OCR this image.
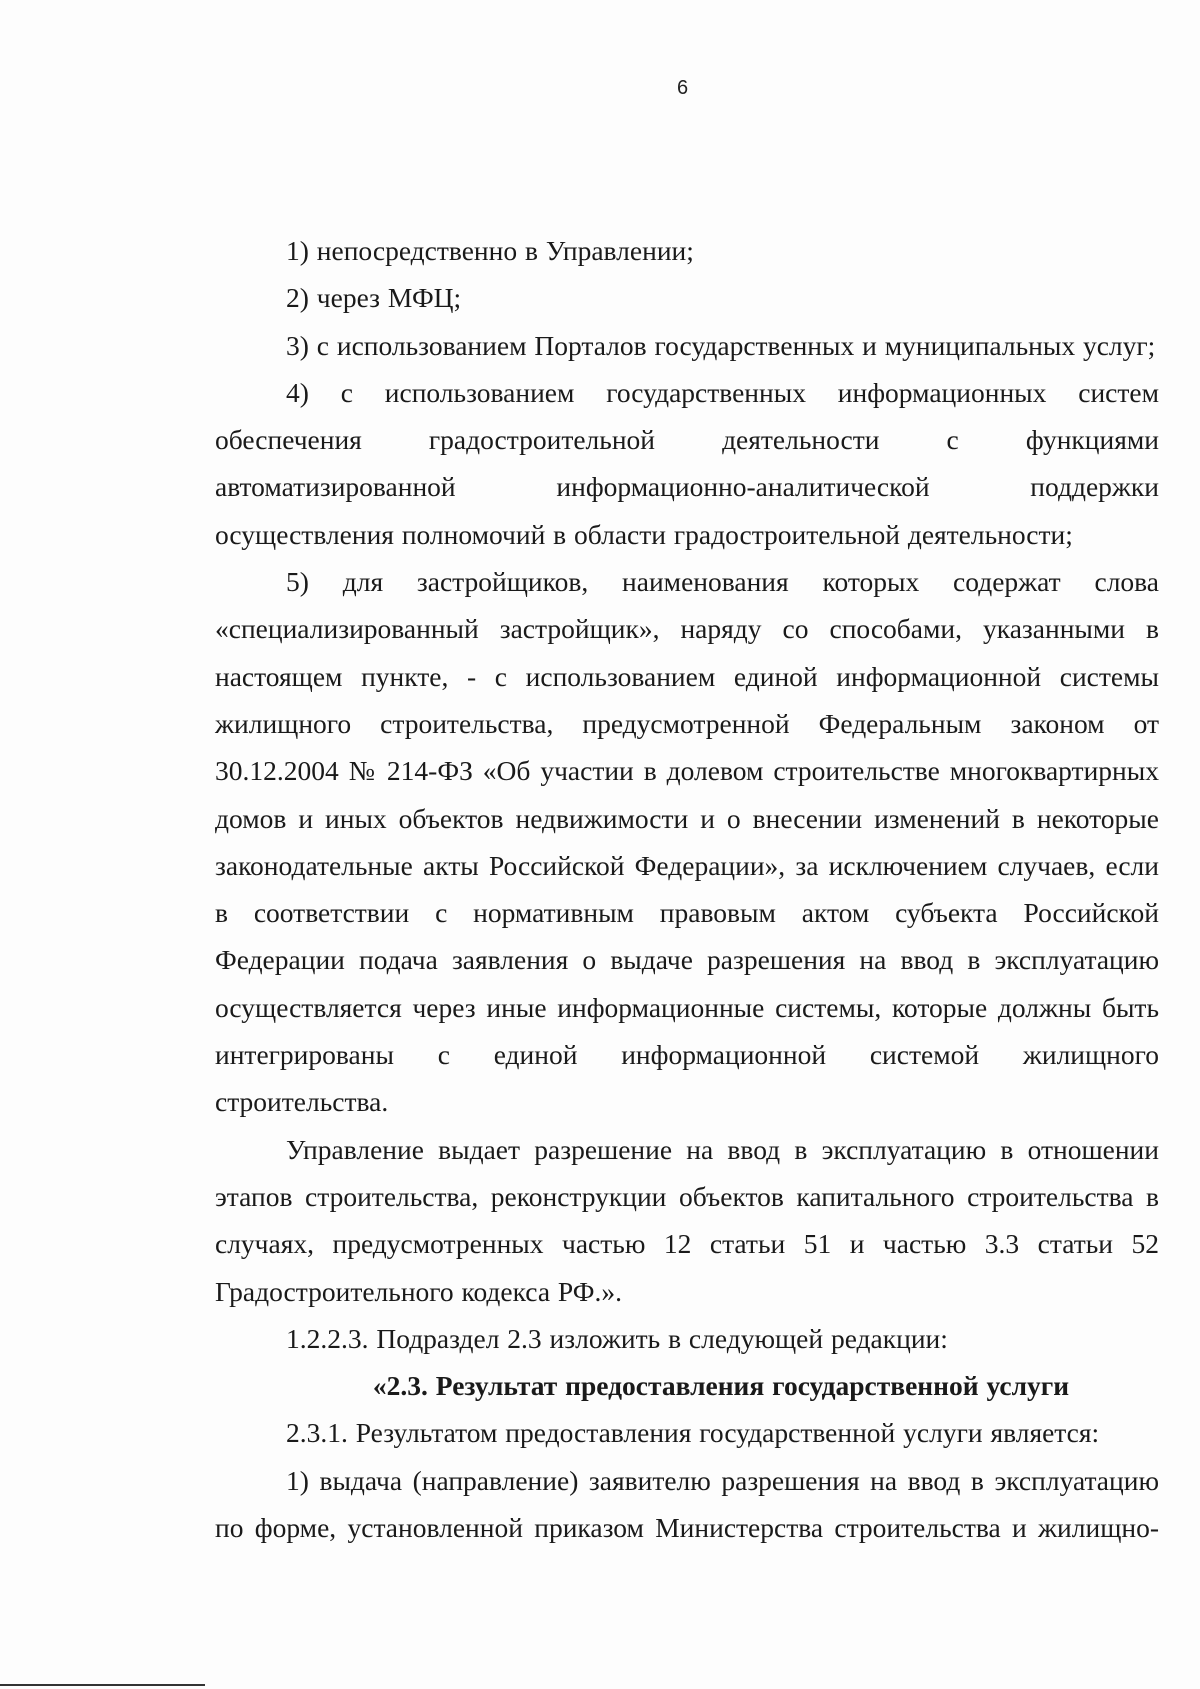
6

1) непосредственно в Управлении;

2) через МФЦ;

3) с использованием Порталов государственных и муниципальных услуг;

4) с использованием государственных информационных систем обеспечения градостроительной деятельности с функциями автоматизированной информационно-аналитической поддержки осуществления полномочий в области градостроительной деятельности;

5) для застройщиков, наименования которых содержат слова «специализированный застройщик», наряду со способами, указанными в настоящем пункте, - с использованием единой информационной системы жилищного строительства, предусмотренной Федеральным законом от 30.12.2004 № 214-ФЗ «Об участии в долевом строительстве многоквартирных домов и иных объектов недвижимости и о внесении изменений в некоторые законодательные акты Российской Федерации», за исключением случаев, если в соответствии с нормативным правовым актом субъекта Российской Федерации подача заявления о выдаче разрешения на ввод в эксплуатацию осуществляется через иные информационные системы, которые должны быть интегрированы с единой информационной системой жилищного строительства.

Управление выдает разрешение на ввод в эксплуатацию в отношении этапов строительства, реконструкции объектов капитального строительства в случаях, предусмотренных частью 12 статьи 51 и частью 3.3 статьи 52 Градостроительного кодекса РФ.».

1.2.2.3. Подраздел 2.3 изложить в следующей редакции:

«2.3. Результат предоставления государственной услуги

2.3.1. Результатом предоставления государственной услуги является:

1) выдача (направление) заявителю разрешения на ввод в эксплуатацию по форме, установленной приказом Министерства строительства и жилищно-
